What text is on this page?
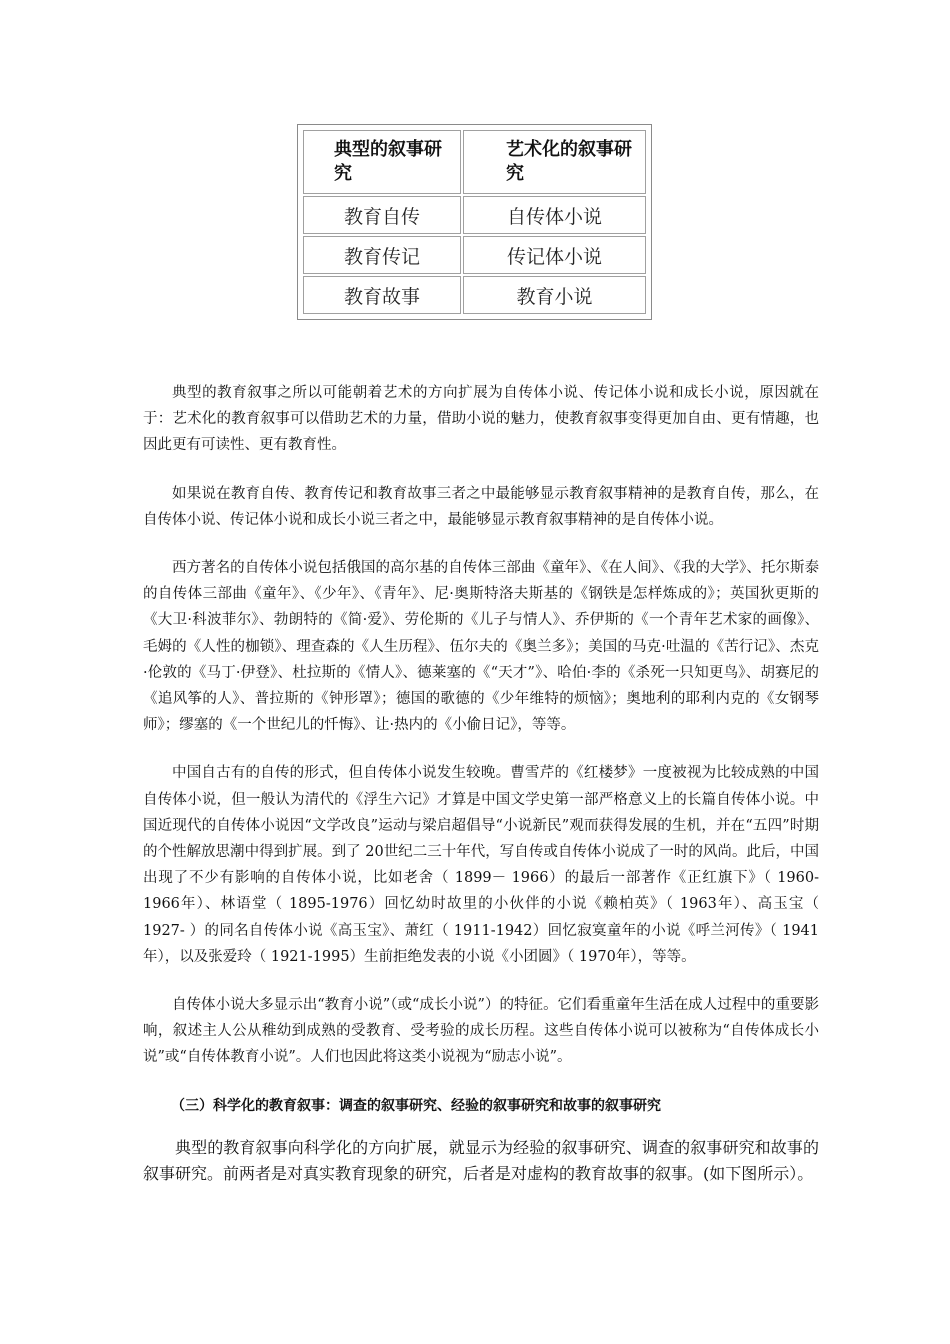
典型的叙事研究	艺术化的叙事研究
教育自传	自传体小说
教育传记	传记体小说
教育故事	教育小说

典型的教育叙事之所以可能朝着艺术的方向扩展为自传体小说、传记体小说和成长小说，原因就在于：艺术化的教育叙事可以借助艺术的力量，借助小说的魅力，使教育叙事变得更加自由、更有情趣，也因此更有可读性、更有教育性。

如果说在教育自传、教育传记和教育故事三者之中最能够显示教育叙事精神的是教育自传，那么，在自传体小说、传记体小说和成长小说三者之中，最能够显示教育叙事精神的是自传体小说。

西方著名的自传体小说包括俄国的高尔基的自传体三部曲《童年》、《在人间》、《我的大学》、托尔斯泰的自传体三部曲《童年》、《少年》、《青年》、尼·奥斯特洛夫斯基的《钢铁是怎样炼成的》；英国狄更斯的《大卫·科波菲尔》、勃朗特的《简·爱》、劳伦斯的《儿子与情人》、乔伊斯的《一个青年艺术家的画像》、毛姆的《人性的枷锁》、理查森的《人生历程》、伍尔夫的《奥兰多》；美国的马克·吐温的《苦行记》、杰克·伦敦的《马丁·伊登》、杜拉斯的《情人》、德莱塞的《“天才”》、哈伯·李的《杀死一只知更鸟》、胡赛尼的《追风筝的人》、普拉斯的《钟形罩》；德国的歌德的《少年维特的烦恼》；奥地利的耶利内克的《女钢琴师》；缪塞的《一个世纪儿的忏悔》、让·热内的《小偷日记》，等等。

中国自古有的自传的形式，但自传体小说发生较晚。曹雪芹的《红楼梦》一度被视为比较成熟的中国自传体小说，但一般认为清代的《浮生六记》才算是中国文学史第一部严格意义上的长篇自传体小说。中国近现代的自传体小说因“文学改良”运动与梁启超倡导“小说新民”观而获得发展的生机，并在“五四”时期的个性解放思潮中得到扩展。到了 20世纪二三十年代，写自传或自传体小说成了一时的风尚。此后，中国出现了不少有影响的自传体小说，比如老舍（ 1899－ 1966）的最后一部著作《正红旗下》（ 1960-1966年）、林语堂（ 1895-1976）回忆幼时故里的小伙伴的小说《赖柏英》（ 1963年）、高玉宝（ 1927- ）的同名自传体小说《高玉宝》、萧红（ 1911-1942）回忆寂寞童年的小说《呼兰河传》（ 1941年），以及张爱玲（ 1921-1995）生前拒绝发表的小说《小团圆》（ 1970年），等等。

自传体小说大多显示出“教育小说”（或“成长小说”）的特征。它们看重童年生活在成人过程中的重要影响，叙述主人公从稚幼到成熟的受教育、受考验的成长历程。这些自传体小说可以被称为“自传体成长小说”或“自传体教育小说”。人们也因此将这类小说视为“励志小说”。

（三）科学化的教育叙事：调查的叙事研究、经验的叙事研究和故事的叙事研究

典型的教育叙事向科学化的方向扩展，就显示为经验的叙事研究、调查的叙事研究和故事的叙事研究。前两者是对真实教育现象的研究，后者是对虚构的教育故事的叙事。(如下图所示）。
